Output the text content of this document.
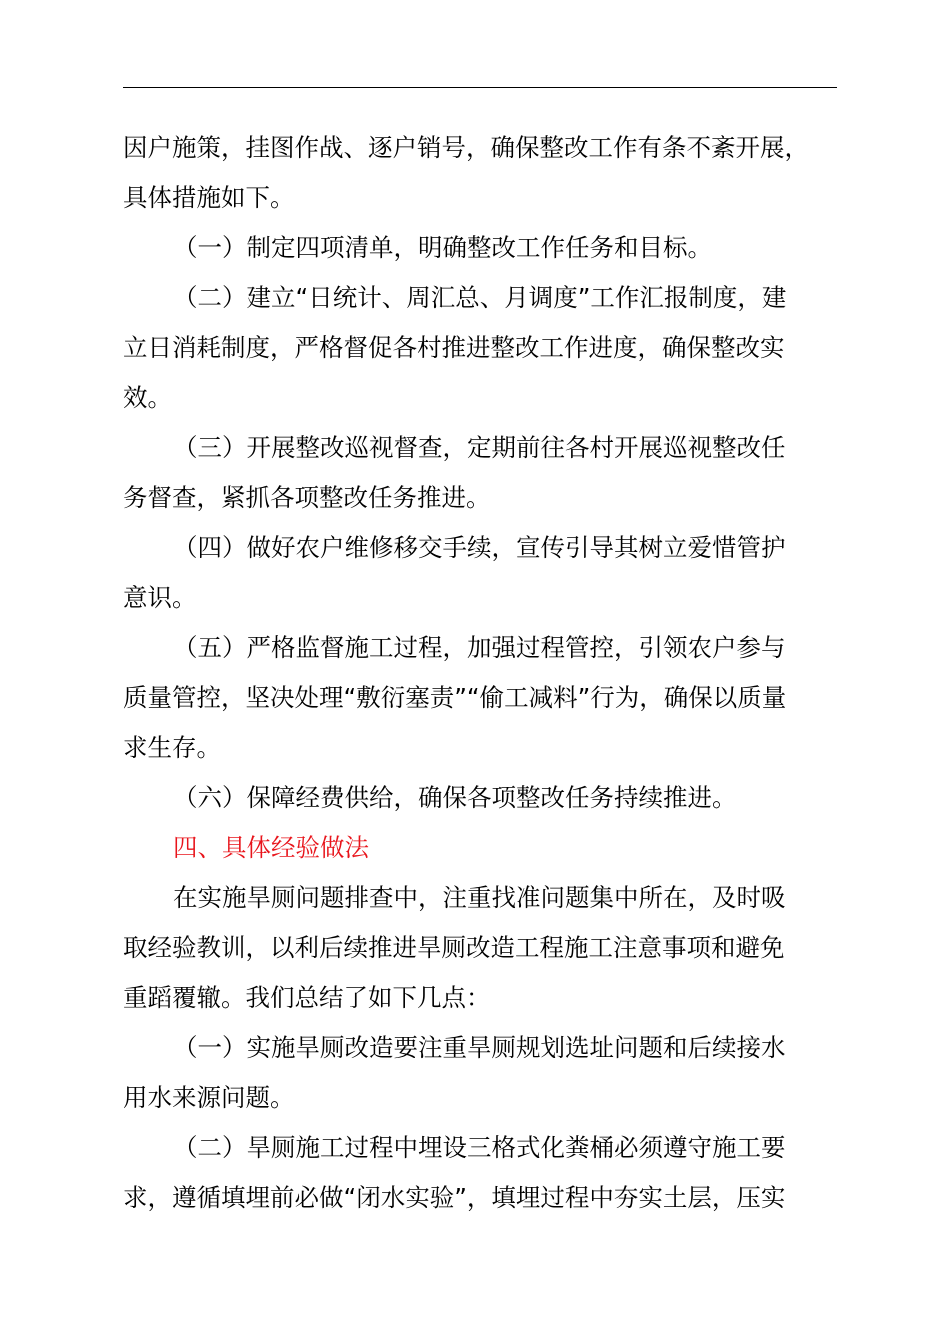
因户施策，挂图作战、逐户销号，确保整改工作有条不紊开展，
具体措施如下。
（一）制定四项清单，明确整改工作任务和目标。
（二）建立“日统计、周汇总、月调度”工作汇报制度，建
立日消耗制度，严格督促各村推进整改工作进度，确保整改实
效。
（三）开展整改巡视督查，定期前往各村开展巡视整改任
务督查，紧抓各项整改任务推进。
（四）做好农户维修移交手续，宣传引导其树立爱惜管护
意识。
（五）严格监督施工过程，加强过程管控，引领农户参与
质量管控，坚决处理“敷衍塞责”“偷工减料”行为，确保以质量
求生存。
（六）保障经费供给，确保各项整改任务持续推进。
四、具体经验做法
在实施旱厕问题排查中，注重找准问题集中所在，及时吸
取经验教训，以利后续推进旱厕改造工程施工注意事项和避免
重蹈覆辙。我们总结了如下几点：
（一）实施旱厕改造要注重旱厕规划选址问题和后续接水
用水来源问题。
（二）旱厕施工过程中埋设三格式化粪桶必须遵守施工要
求，遵循填埋前必做“闭水实验”，填埋过程中夯实土层，压实
